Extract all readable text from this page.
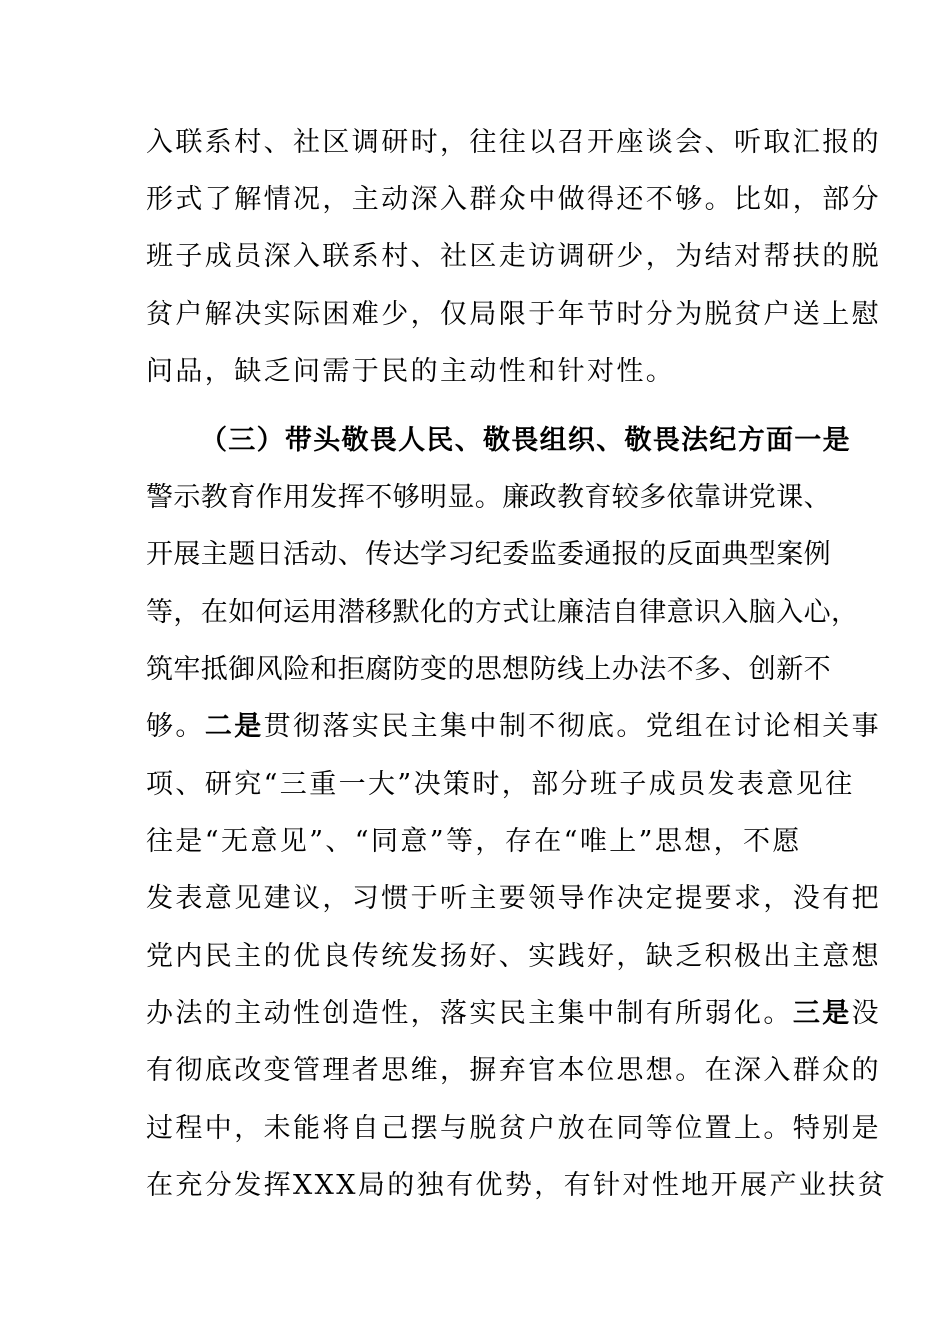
入联系村、社区调研时，往往以召开座谈会、听取汇报的
形式了解情况，主动深入群众中做得还不够。比如，部分
班子成员深入联系村、社区走访调研少，为结对帮扶的脱
贫户解决实际困难少，仅局限于年节时分为脱贫户送上慰
问品，缺乏问需于民的主动性和针对性。
（三）带头敬畏人民、敬畏组织、敬畏法纪方面一是
警示教育作用发挥不够明显。廉政教育较多依靠讲党课、
开展主题日活动、传达学习纪委监委通报的反面典型案例
等，在如何运用潜移默化的方式让廉洁自律意识入脑入心，
筑牢抵御风险和拒腐防变的思想防线上办法不多、创新不
够。二是贯彻落实民主集中制不彻底。党组在讨论相关事
项、研究“三重一大”决策时，部分班子成员发表意见往
往是“无意见”、“同意”等，存在“唯上”思想，不愿
发表意见建议，习惯于听主要领导作决定提要求，没有把
党内民主的优良传统发扬好、实践好，缺乏积极出主意想
办法的主动性创造性，落实民主集中制有所弱化。三是没
有彻底改变管理者思维，摒弃官本位思想。在深入群众的
过程中，未能将自己摆与脱贫户放在同等位置上。特别是
在充分发挥XXX局的独有优势，有针对性地开展产业扶贫
